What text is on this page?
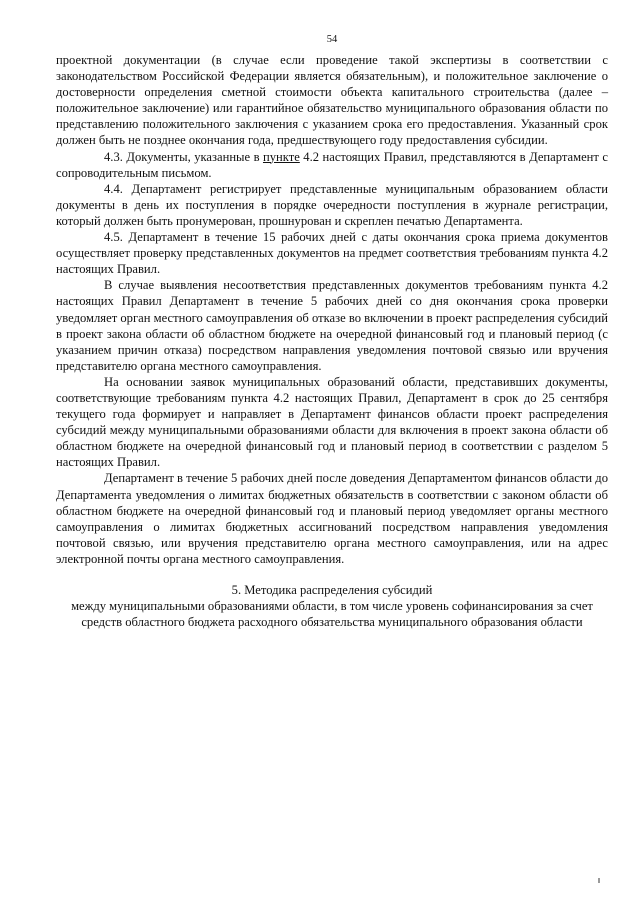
54

проектной документации (в случае если проведение такой экспертизы в соответствии с законодательством Российской Федерации является обязательным), и положительное заключение о достоверности определения сметной стоимости объекта капитального строительства (далее – положительное заключение) или гарантийное обязательство муниципального образования области по представлению положительного заключения с указанием срока его предоставления. Указанный срок должен быть не позднее окончания года, предшествующего году предоставления субсидии.

4.3. Документы, указанные в пункте 4.2 настоящих Правил, представляются в Департамент с сопроводительным письмом.

4.4. Департамент регистрирует представленные муниципальным образованием области документы в день их поступления в порядке очередности поступления в журнале регистрации, который должен быть пронумерован, прошнурован и скреплен печатью Департамента.

4.5. Департамент в течение 15 рабочих дней с даты окончания срока приема документов осуществляет проверку представленных документов на предмет соответствия требованиям пункта 4.2 настоящих Правил.

В случае выявления несоответствия представленных документов требованиям пункта 4.2 настоящих Правил Департамент в течение 5 рабочих дней со дня окончания срока проверки уведомляет орган местного самоуправления об отказе во включении в проект распределения субсидий в проект закона области об областном бюджете на очередной финансовый год и плановый период (с указанием причин отказа) посредством направления уведомления почтовой связью или вручения представителю органа местного самоуправления.

На основании заявок муниципальных образований области, представивших документы, соответствующие требованиям пункта 4.2 настоящих Правил, Департамент в срок до 25 сентября текущего года формирует и направляет в Департамент финансов области проект распределения субсидий между муниципальными образованиями области для включения в проект закона области об областном бюджете на очередной финансовый год и плановый период в соответствии с разделом 5 настоящих Правил.

Департамент в течение 5 рабочих дней после доведения Департаментом финансов области до Департамента уведомления о лимитах бюджетных обязательств в соответствии с законом области об областном бюджете на очередной финансовый год и плановый период уведомляет органы местного самоуправления о лимитах бюджетных ассигнований посредством направления уведомления почтовой связью, или вручения представителю органа местного самоуправления, или на адрес электронной почты органа местного самоуправления.

5. Методика распределения субсидий
между муниципальными образованиями области, в том числе уровень софинансирования за счет средств областного бюджета расходного обязательства муниципального образования области
